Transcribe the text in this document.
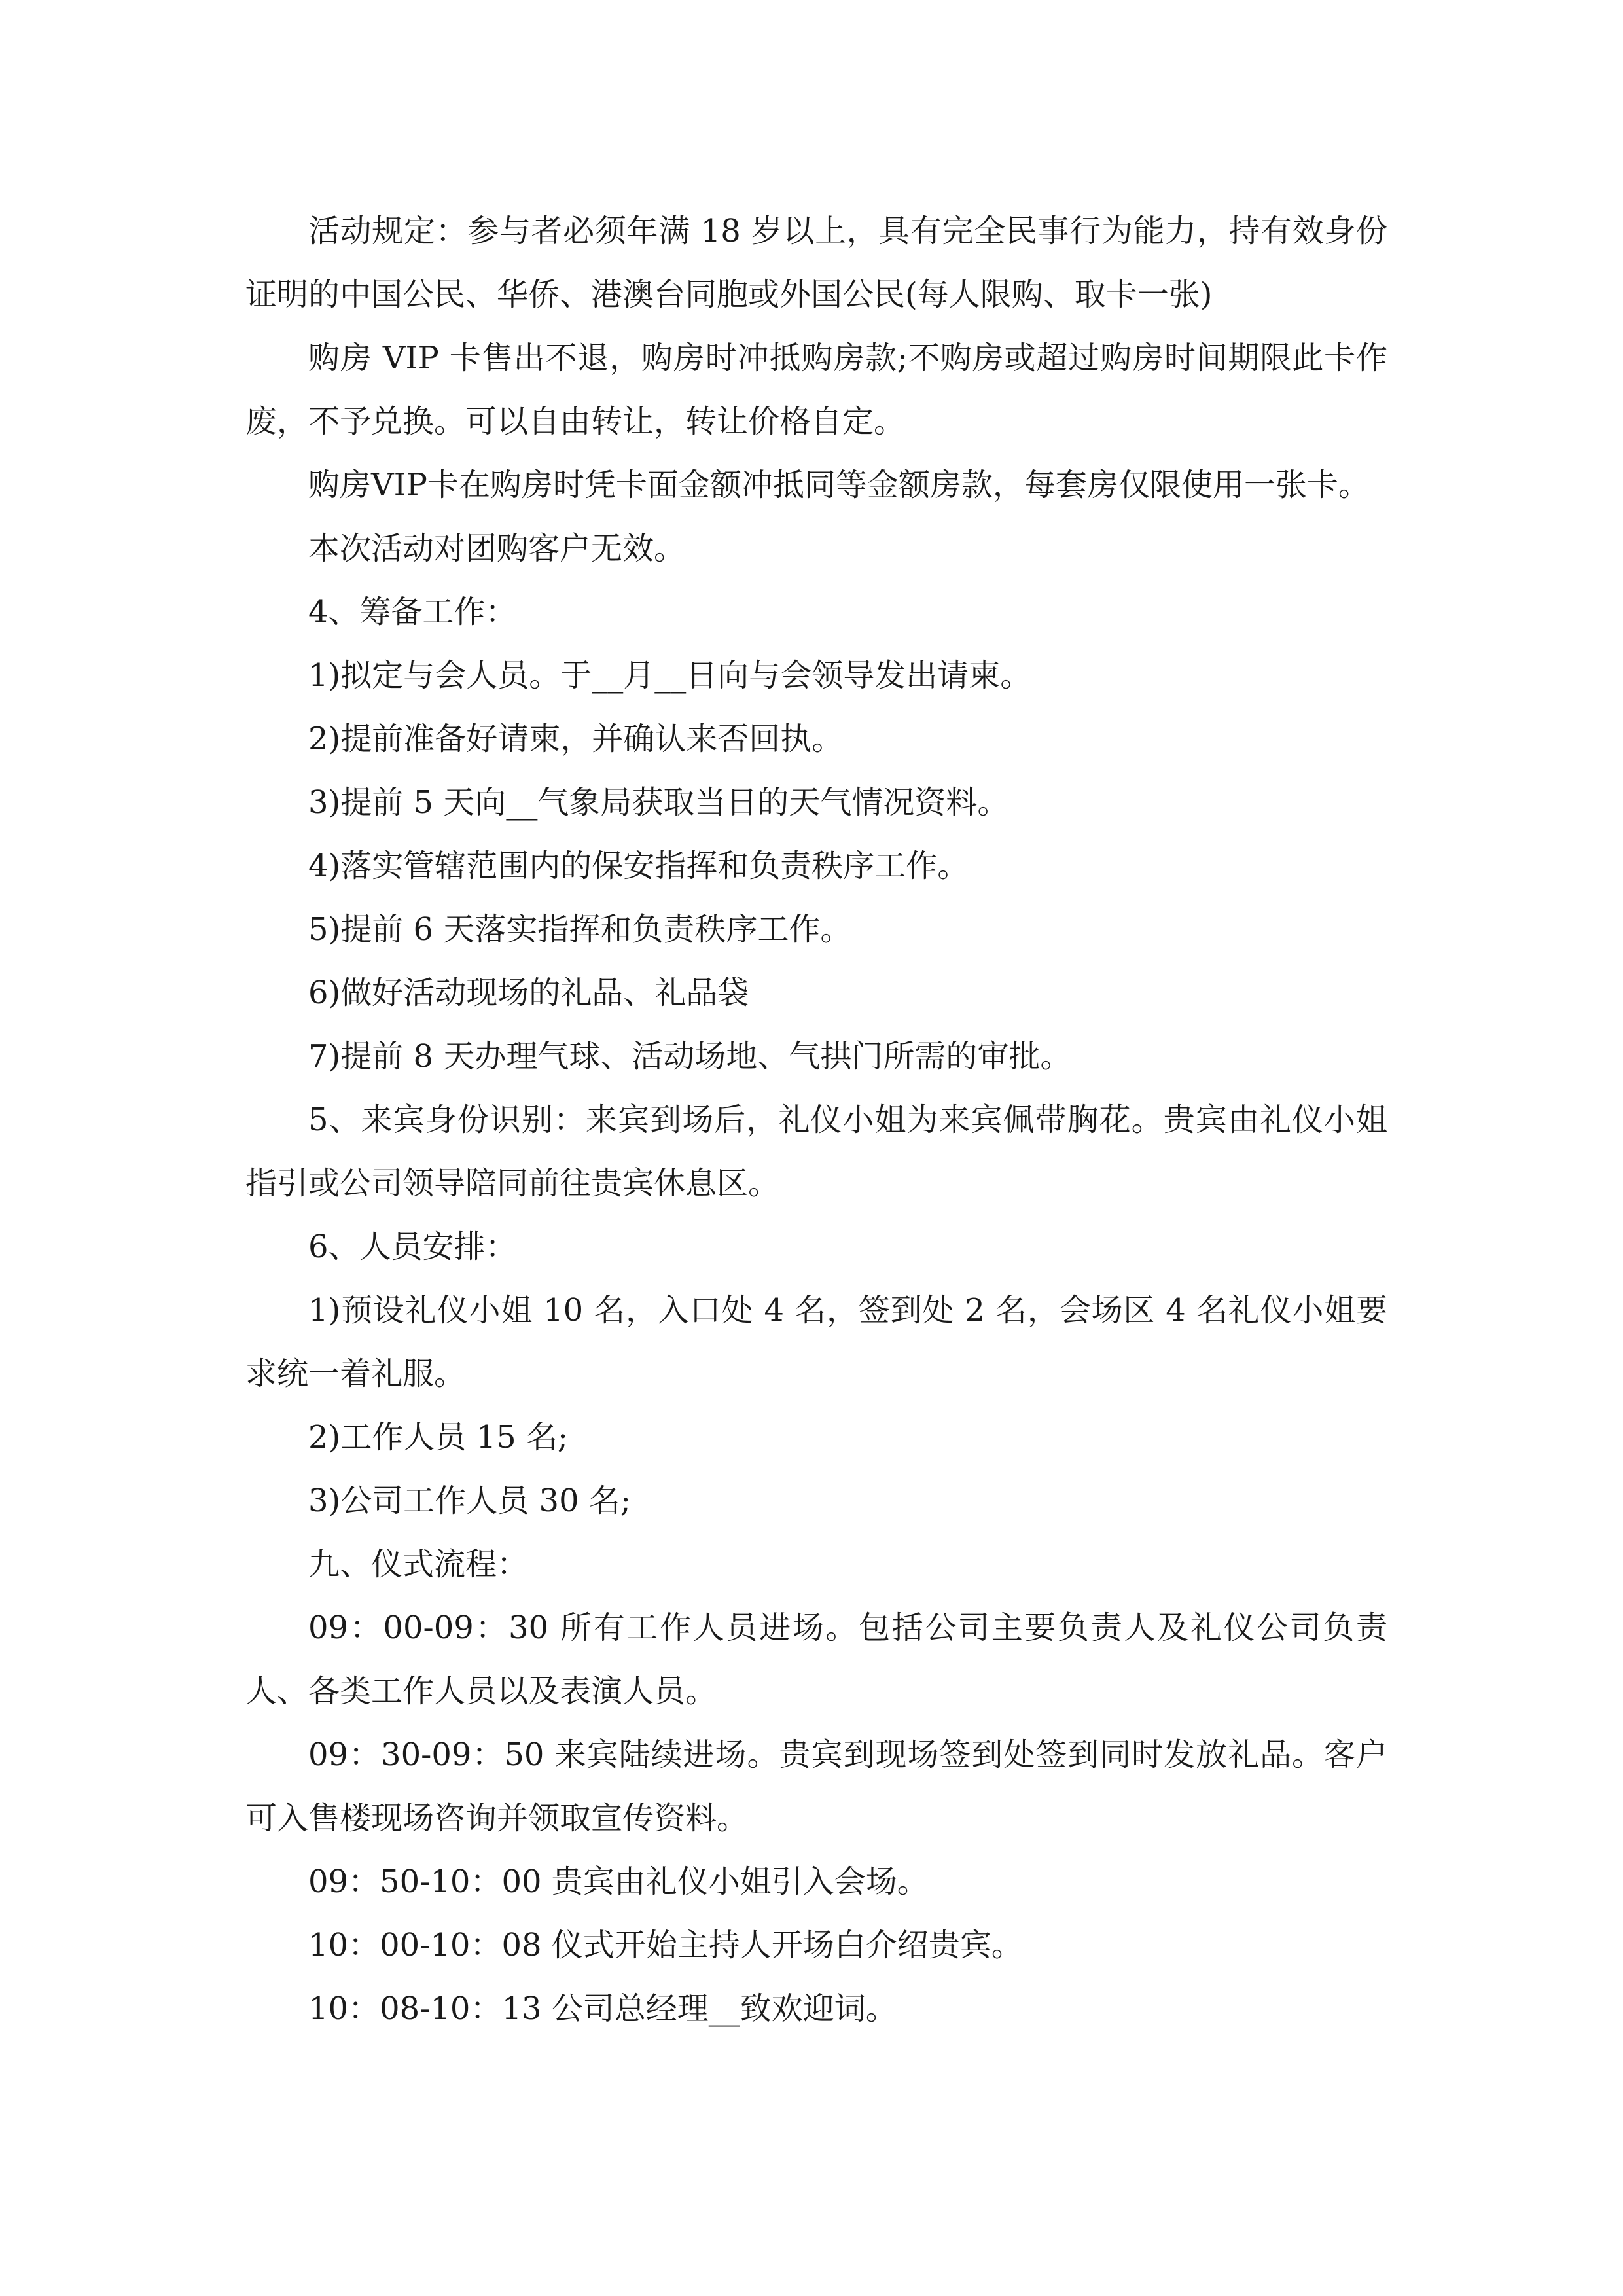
活动规定：参与者必须年满 18 岁以上，具有完全民事行为能力，持有效身份证明的中国公民、华侨、港澳台同胞或外国公民(每人限购、取卡一张)

购房 VIP 卡售出不退，购房时冲抵购房款;不购房或超过购房时间期限此卡作废，不予兑换。可以自由转让，转让价格自定。

购房VIP卡在购房时凭卡面金额冲抵同等金额房款，每套房仅限使用一张卡。

本次活动对团购客户无效。

4、筹备工作：

1)拟定与会人员。于__月__日向与会领导发出请柬。

2)提前准备好请柬，并确认来否回执。

3)提前 5 天向__气象局获取当日的天气情况资料。

4)落实管辖范围内的保安指挥和负责秩序工作。

5)提前 6 天落实指挥和负责秩序工作。

6)做好活动现场的礼品、礼品袋

7)提前 8 天办理气球、活动场地、气拱门所需的审批。

5、来宾身份识别：来宾到场后，礼仪小姐为来宾佩带胸花。贵宾由礼仪小姐指引或公司领导陪同前往贵宾休息区。

6、人员安排：

1)预设礼仪小姐 10 名，入口处 4 名，签到处 2 名，会场区 4 名礼仪小姐要求统一着礼服。

2)工作人员 15 名;

3)公司工作人员 30 名;

九、仪式流程：

09：00-09：30 所有工作人员进场。包括公司主要负责人及礼仪公司负责人、各类工作人员以及表演人员。

09：30-09：50 来宾陆续进场。贵宾到现场签到处签到同时发放礼品。客户可入售楼现场咨询并领取宣传资料。

09：50-10：00 贵宾由礼仪小姐引入会场。

10：00-10：08 仪式开始主持人开场白介绍贵宾。

10：08-10：13 公司总经理__致欢迎词。
